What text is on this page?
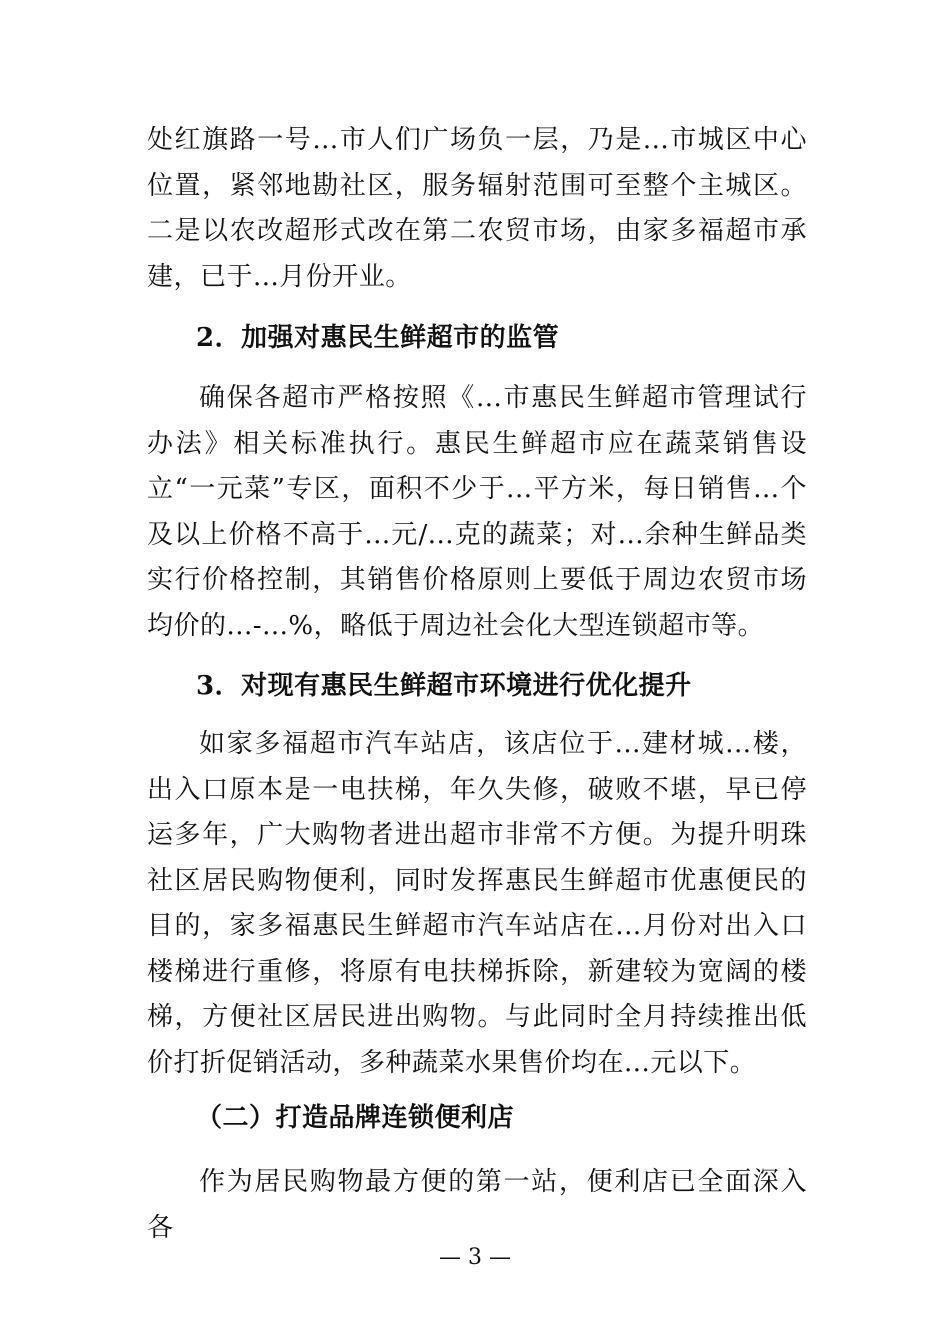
处红旗路一号...市人们广场负一层，乃是...市城区中心位置，紧邻地勘社区，服务辐射范围可至整个主城区。二是以农改超形式改在第二农贸市场，由家多福超市承建，已于...月份开业。

2．加强对惠民生鲜超市的监管

确保各超市严格按照《...市惠民生鲜超市管理试行办法》相关标准执行。惠民生鲜超市应在蔬菜销售设立“一元菜”专区，面积不少于...平方米，每日销售...个及以上价格不高于...元/...克的蔬菜；对...余种生鲜品类实行价格控制，其销售价格原则上要低于周边农贸市场均价的...-...%，略低于周边社会化大型连锁超市等。

3．对现有惠民生鲜超市环境进行优化提升

如家多福超市汽车站店，该店位于...建材城...楼，出入口原本是一电扶梯，年久失修，破败不堪，早已停运多年，广大购物者进出超市非常不方便。为提升明珠社区居民购物便利，同时发挥惠民生鲜超市优惠便民的目的，家多福惠民生鲜超市汽车站店在...月份对出入口楼梯进行重修，将原有电扶梯拆除，新建较为宽阔的楼梯，方便社区居民进出购物。与此同时全月持续推出低价打折促销活动，多种蔬菜水果售价均在...元以下。

（二）打造品牌连锁便利店

作为居民购物最方便的第一站，便利店已全面深入各

— 3 —
